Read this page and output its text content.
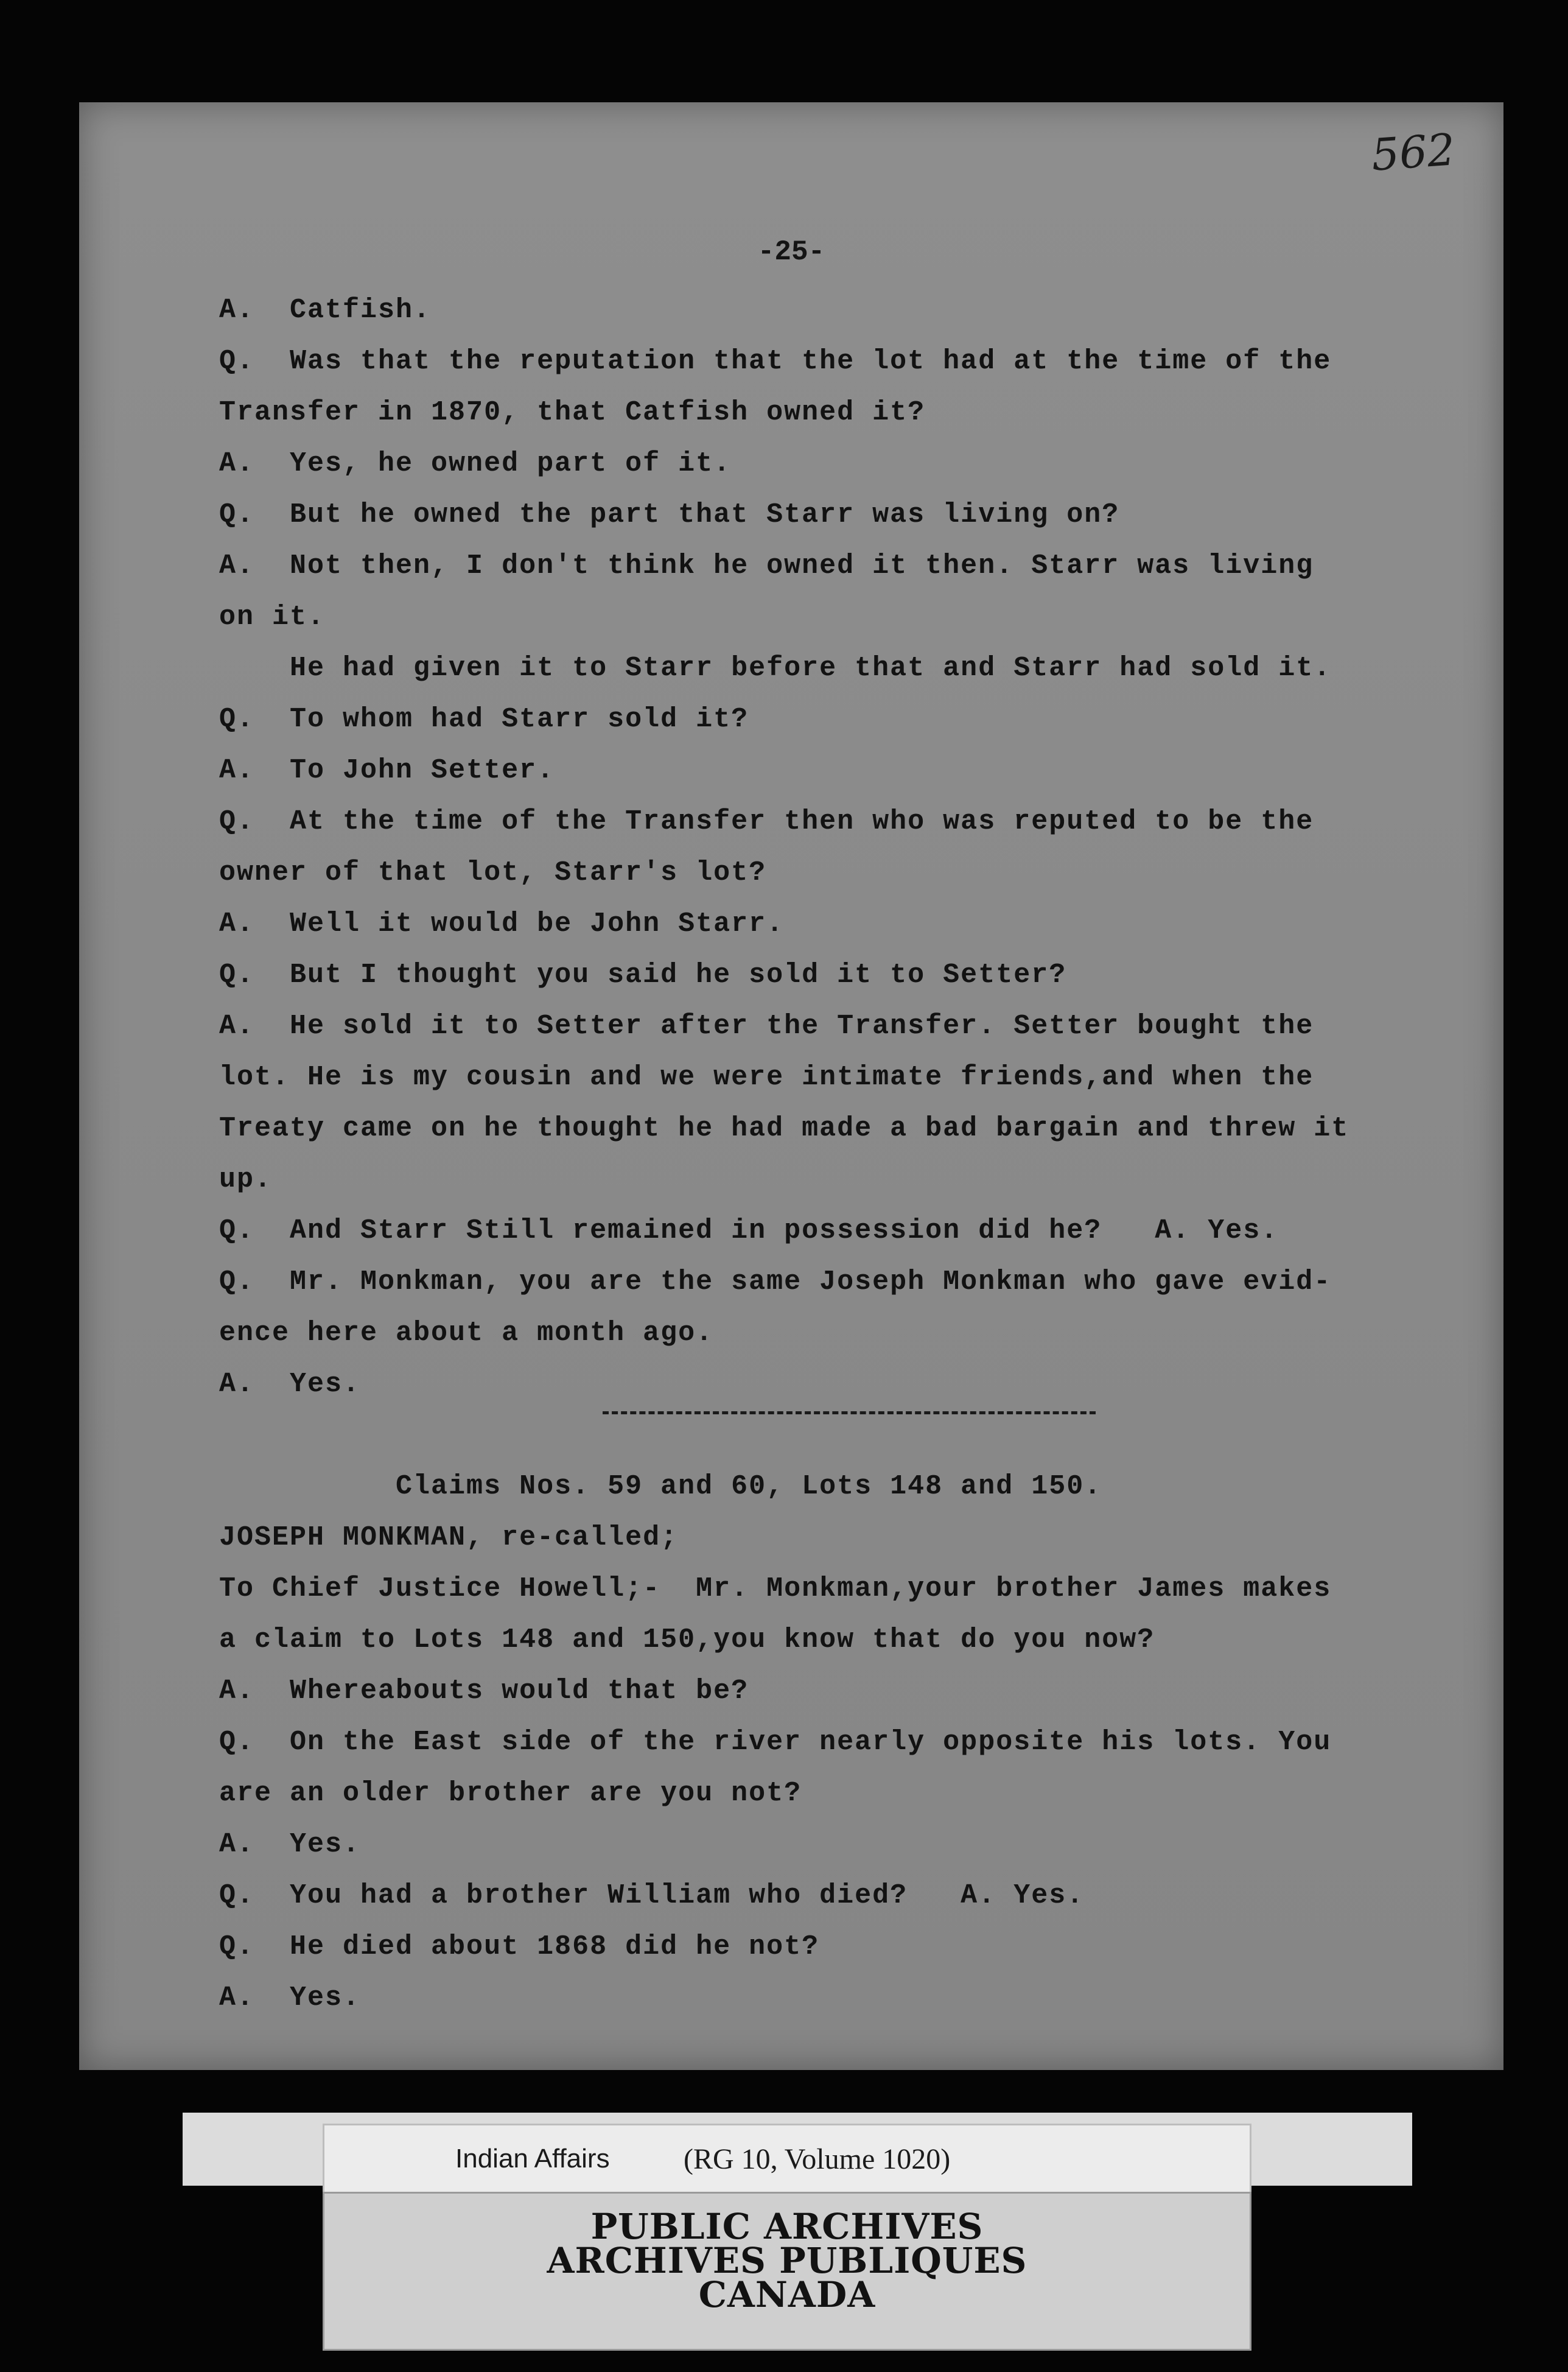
562
-25-
A.  Catfish.
Q.  Was that the reputation that the lot had at the time of the
Transfer in 1870, that Catfish owned it?
A.  Yes, he owned part of it.
Q.  But he owned the part that Starr was living on?
A.  Not then, I don't think he owned it then. Starr was living
on it.
He had given it to Starr before that and Starr had sold it.
Q.  To whom had Starr sold it?
A.  To John Setter.
Q.  At the time of the Transfer then who was reputed to be the
owner of that lot, Starr's lot?
A.  Well it would be John Starr.
Q.  But I thought you said he sold it to Setter?
A.  He sold it to Setter after the Transfer. Setter bought the
lot. He is my cousin and we were intimate friends,and when the
Treaty came on he thought he had made a bad bargain and threw it
up.
Q.  And Starr Still remained in possession did he?   A. Yes.
Q.  Mr. Monkman, you are the same Joseph Monkman who gave evid-
ence here about a month ago.
A.  Yes.
Claims Nos. 59 and 60, Lots 148 and 150.
JOSEPH MONKMAN, re-called;
To Chief Justice Howell;-  Mr. Monkman,your brother James makes
a claim to Lots 148 and 150,you know that do you now?
A.  Whereabouts would that be?
Q.  On the East side of the river nearly opposite his lots. You
are an older brother are you not?
A.  Yes.
Q.  You had a brother William who died?   A. Yes.
Q.  He died about 1868 did he not?
A.  Yes.
Indian Affairs	(RG 10, Volume 1020)
PUBLIC ARCHIVES
ARCHIVES PUBLIQUES
CANADA
